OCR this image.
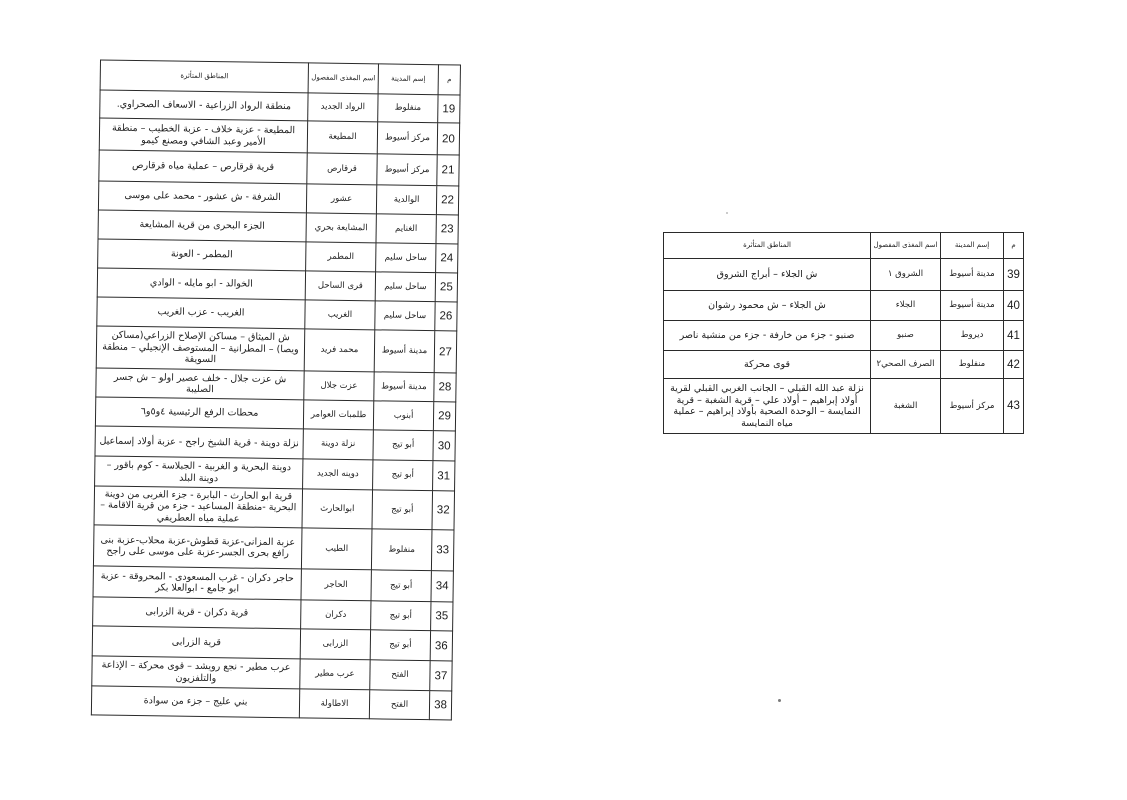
م	إسم المدينة	اسم المغذى المفصول	المناطق المتأثرة
19	منفلوط	الرواد الجديد	منطقة الرواد الزراعية - الاسعاف الصحراوي.
20	مركز أسيوط	المطيعة	المطيعة - عزبة خلاف - عزبة الخطيب – منطقة الأمير وعبد الشافي ومصنع كيمو
21	مركز أسيوط	قرقارص	قرية قرقارص – عملية مياه قرقارص
22	الوالدية	عشور	الشرفة - ش عشور - محمد على موسى
23	الغنايم	المشايعة بحري	الجزء البحرى من قرية المشايعة
24	ساحل سليم	المطمر	المطمر - العونة
25	ساحل سليم	قرى الساحل	الخوالد - ابو مايله - الوادي
26	ساحل سليم	الغريب	الغريب - عزب الغريب
27	مدينة أسيوط	محمد فريد	ش الميثاق – مساكن الإصلاح الزراعي(مساكن ويصا) – المطرانية – المستوصف الإنجيلي – منطقة السويقة
28	مدينة أسيوط	عزت جلال	ش عزت جلال - خلف عصير اولو – ش جسر الصليبة
29	أبنوب	طلمبات العوامر	محطات الرفع الرئيسية ٤و٥و٦
30	أبو تيج	نزلة دوينة	نزلة دوينة - قرية الشيخ راجح - عزبة أولاد إسماعيل
31	أبو تيج	دوينه الجديد	دوينة البحرية و الغربية - الجبلاسة - كوم باقور – دوينة البلد
32	أبو تيج	ابوالحارث	قرية ابو الحارث - البابرة - جزء الغربى من دوينة البحرية -منطقة المساعيد - جزء من قرية الاقامة – عملية مياه العطريفي
33	منفلوط	الطيب	عزبة المزانى-عزبة قطوش-عزبة محلاب-عزبة بنى رافع بحرى الجسر-عزبة على موسى على راجح
34	أبو تيج	الحاجر	حاجر دكران - غرب المسعودى - المحروقة - عزبة ابو جامع - ابوالعلا بكر
35	أبو تيج	دكران	قرية دكران - قرية الزرابى
36	أبو تيج	الزرابى	قرية الزرابى
37	الفتح	عرب مطير	عرب مطير - نجع رويشد – قوى محركة – الإذاعة والتلفزيون
38	الفتح	الاطاولة	بني عليج – جزء من سوادة
م	إسم المدينة	اسم المغذى المفصول	المناطق المتأثرة
39	مدينة أسيوط	الشروق ١	ش الجلاء – أبراج الشروق
40	مدينة أسيوط	الجلاء	ش الجلاء – ش محمود رشوان
41	ديروط	صنبو	صنبو - جزء من خارفة - جزء من منشية ناصر
42	منفلوط	الصرف الصحي٢	قوى محركة
43	مركز أسيوط	الشغبة	نزلة عبد الله القبلي – الجانب الغربي القبلي لقرية أولاد إبراهيم – أولاد علي – قرية الشغبة – قرية النمايسة – الوحدة الصحية بأولاد إبراهيم – عملية مياه النمايسة
